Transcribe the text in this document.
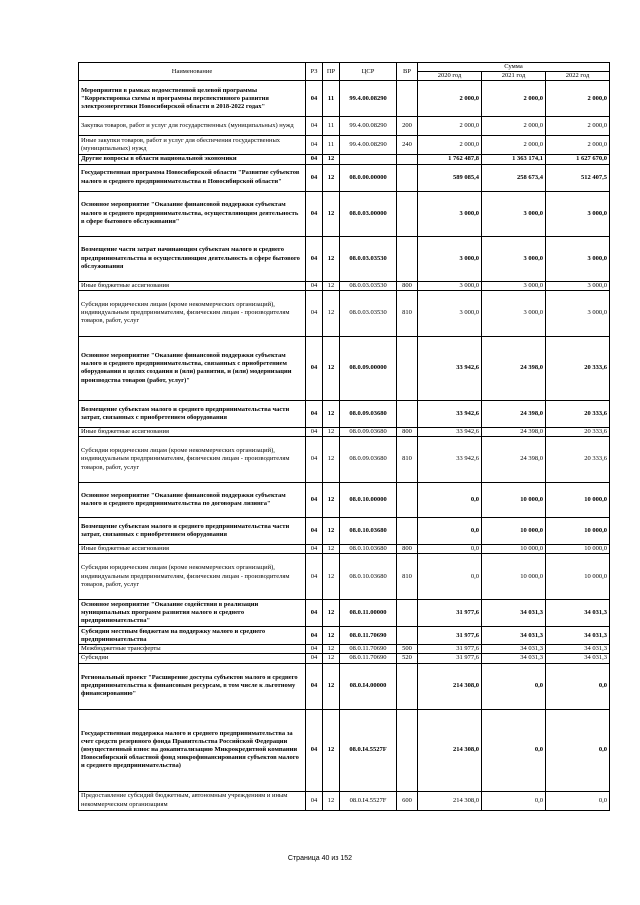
Наименование	РЗ	ПР	ЦСР	ВР	Сумма		
					2020 год	2021 год	2022 год
Мероприятия в рамках ведомственной целевой программы "Корректировка схемы и программы перспективного развития электроэнергетики Новосибирской области в 2018-2022 годах"	04	11	99.4.00.08290		2 000,0	2 000,0	2 000,0
Закупка товаров, работ и услуг для государственных (муниципальных) нужд	04	11	99.4.00.08290	200	2 000,0	2 000,0	2 000,0
Иные закупки товаров, работ и услуг для обеспечения государственных (муниципальных) нужд	04	11	99.4.00.08290	240	2 000,0	2 000,0	2 000,0
Другие вопросы в области национальной экономики	04	12			1 762 487,8	1 363 174,1	1 627 670,0
Государственная программа Новосибирской области "Развитие субъектов малого и среднего предпринимательства в Новосибирской области"	04	12	08.0.00.00000		589 085,4	258 673,4	512 407,5
Основное мероприятие "Оказание финансовой поддержки субъектам малого и среднего предпринимательства, осуществляющим деятельность в сфере бытового обслуживания"	04	12	08.0.03.00000		3 000,0	3 000,0	3 000,0
Возмещение части затрат начинающим субъектам малого и среднего предпринимательства и осуществляющим деятельность в сфере бытового обслуживания	04	12	08.0.03.03530		3 000,0	3 000,0	3 000,0
Иные бюджетные ассигнования	04	12	08.0.03.03530	800	3 000,0	3 000,0	3 000,0
Субсидии юридическим лицам (кроме некоммерческих организаций), индивидуальным предпринимателям, физическим лицам - производителям товаров, работ, услуг	04	12	08.0.03.03530	810	3 000,0	3 000,0	3 000,0
Основное мероприятие "Оказание финансовой поддержки субъектам малого и среднего предпринимательства, связанных с приобретением оборудования в целях создания и (или) развития, и (или) модернизации производства товаров (работ, услуг)"	04	12	08.0.09.00000		33 942,6	24 398,0	20 333,6
Возмещение субъектам малого и среднего предпринимательства части затрат, связанных с приобретением оборудования	04	12	08.0.09.03680		33 942,6	24 398,0	20 333,6
Иные бюджетные ассигнования	04	12	08.0.09.03680	800	33 942,6	24 398,0	20 333,6
Субсидии юридическим лицам (кроме некоммерческих организаций), индивидуальным предпринимателям, физическим лицам - производителям товаров, работ, услуг	04	12	08.0.09.03680	810	33 942,6	24 398,0	20 333,6
Основное мероприятие "Оказание финансовой поддержки субъектам малого и среднего предпринимательства по договорам лизинга"	04	12	08.0.10.00000		0,0	10 000,0	10 000,0
Возмещение субъектам малого и среднего предпринимательства части затрат, связанных с приобретением оборудования	04	12	08.0.10.03680		0,0	10 000,0	10 000,0
Иные бюджетные ассигнования	04	12	08.0.10.03680	800	0,0	10 000,0	10 000,0
Субсидии юридическим лицам (кроме некоммерческих организаций), индивидуальным предпринимателям, физическим лицам - производителям товаров, работ, услуг	04	12	08.0.10.03680	810	0,0	10 000,0	10 000,0
Основное мероприятие "Оказание содействия в реализации муниципальных программ развития малого и среднего предпринимательства"	04	12	08.0.11.00000		31 977,6	34 031,3	34 031,3
Субсидии местным бюджетам на поддержку малого и среднего предпринимательства	04	12	08.0.11.70690		31 977,6	34 031,3	34 031,3
Межбюджетные трансферты	04	12	08.0.11.70690	500	31 977,6	34 031,3	34 031,3
Субсидии	04	12	08.0.11.70690	520	31 977,6	34 031,3	34 031,3
Региональный проект "Расширение доступа субъектов малого и среднего предпринимательства к финансовым ресурсам, в том числе к льготному финансированию"	04	12	08.0.I4.00000		214 308,0	0,0	0,0
Государственная поддержка малого и среднего предпринимательства за счет средств резервного фонда Правительства Российской Федерации (имущественный взнос на докапитализацию Микрокредитной компании Новосибирский областной фонд микрофинансирования субъектов малого и среднего предпринимательства)	04	12	08.0.I4.5527F		214 308,0	0,0	0,0
Предоставление субсидий бюджетным, автономным учреждениям и иным некоммерческим организациям	04	12	08.0.I4.5527F	600	214 308,0	0,0	0,0
Страница 40 из 152
